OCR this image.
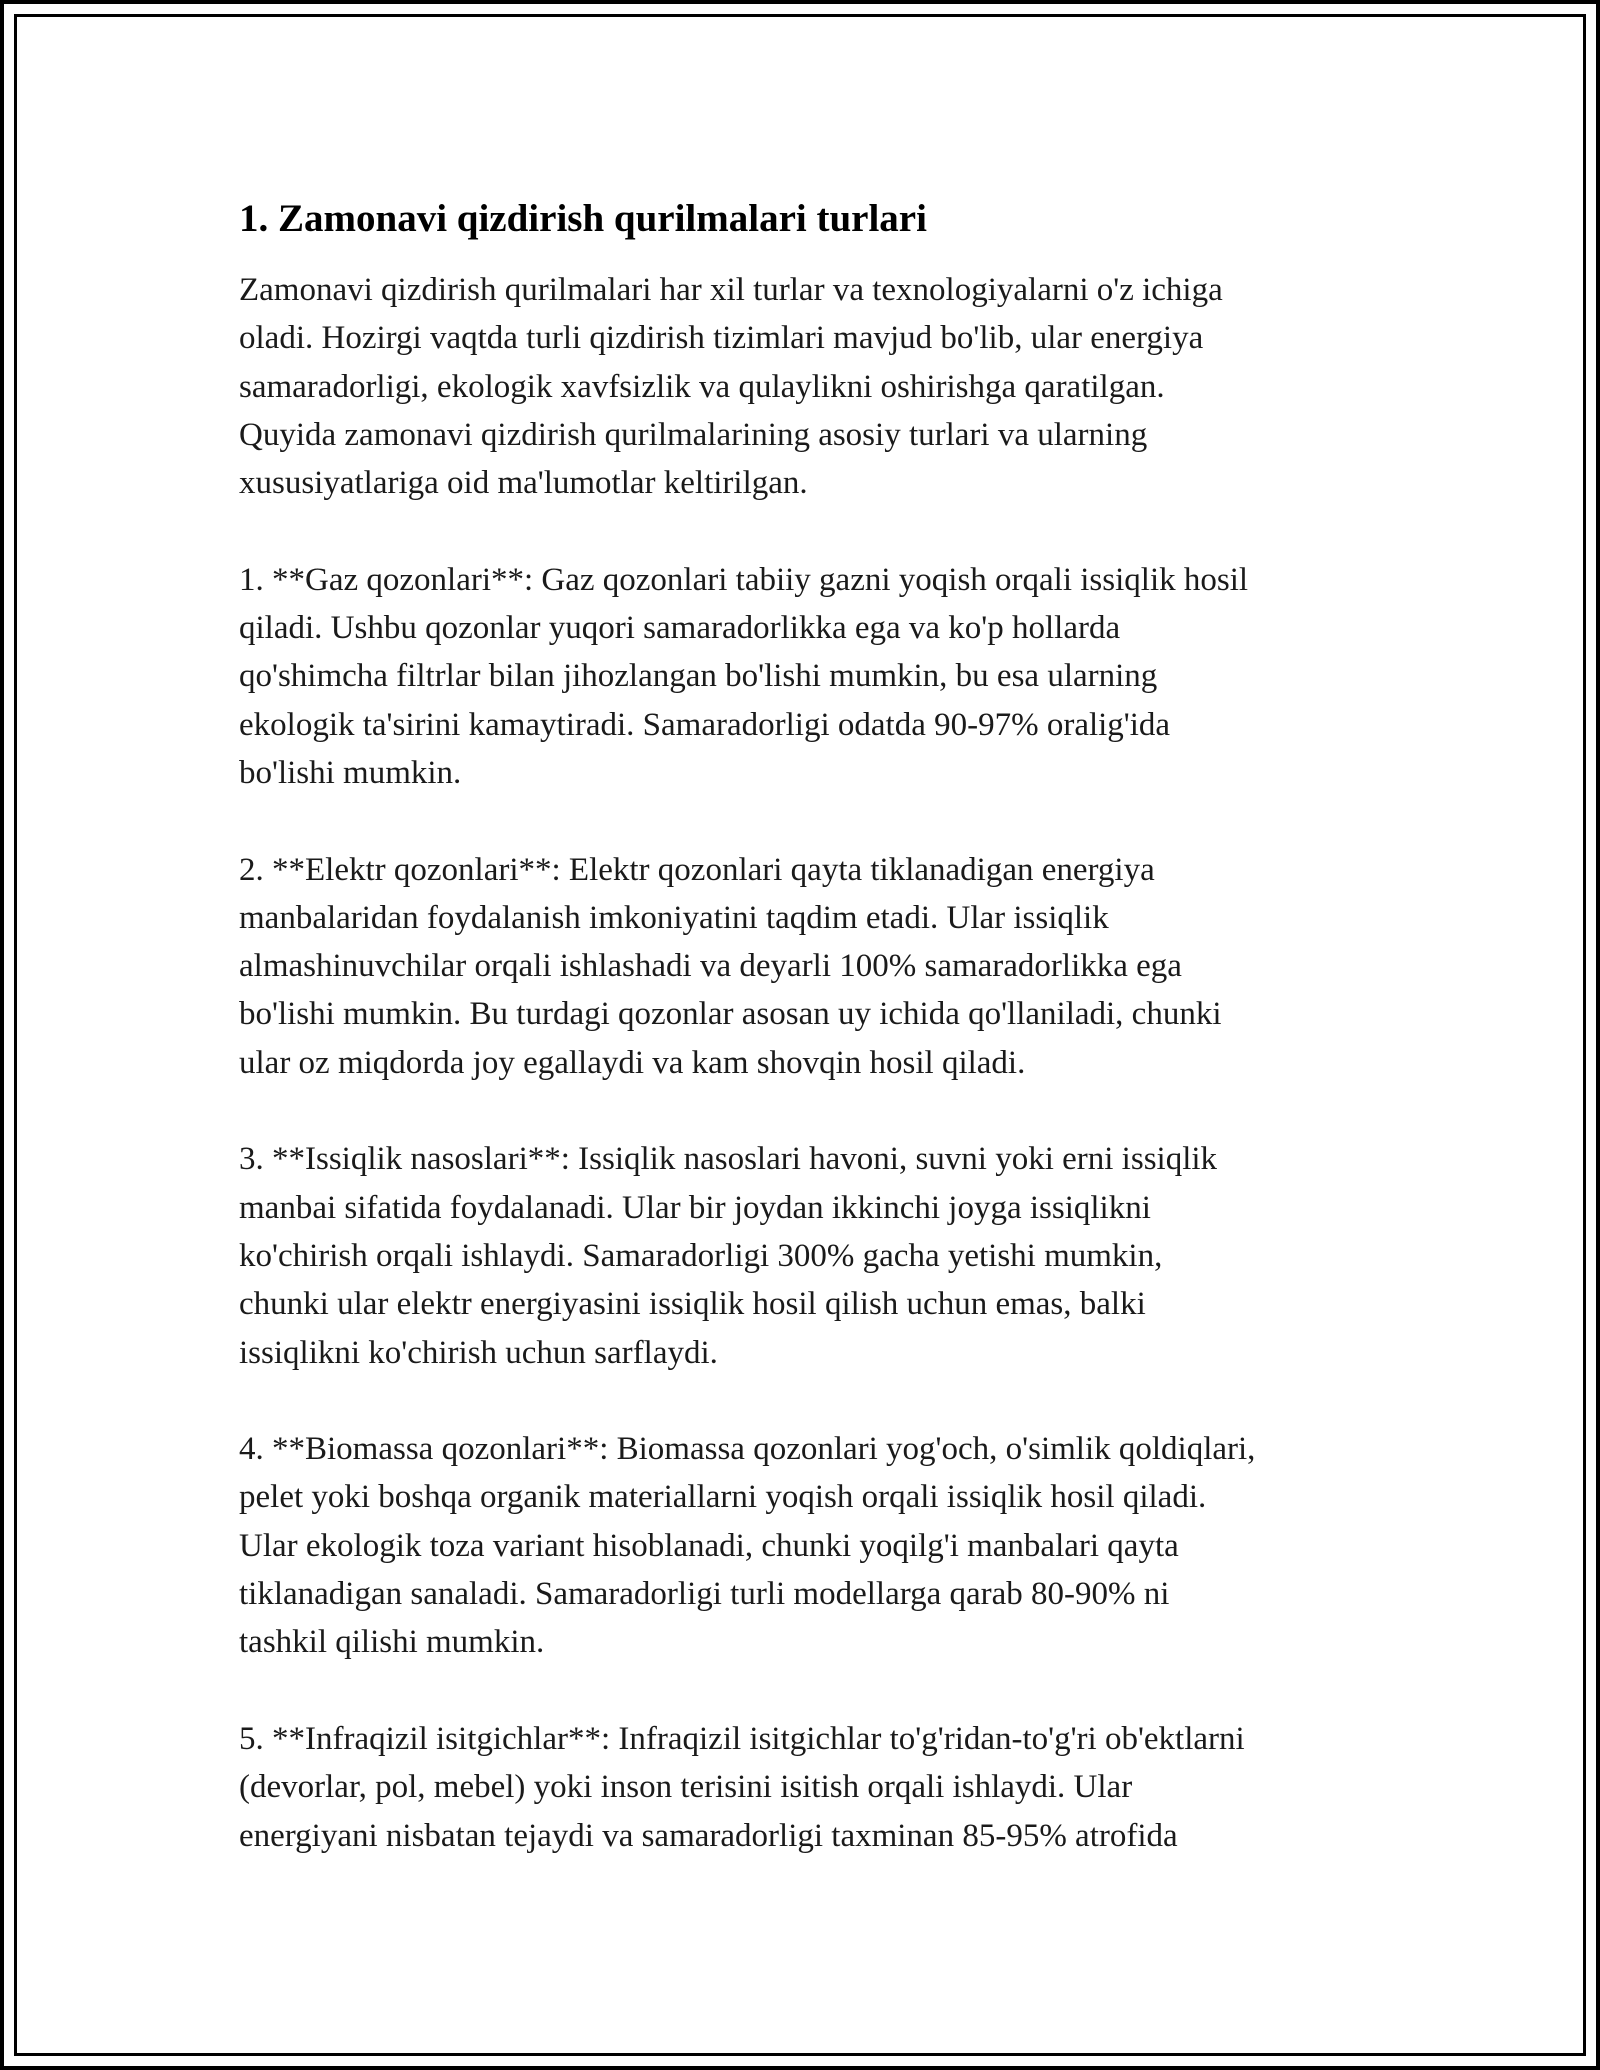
1. Zamonavi qizdirish qurilmalari turlari
Zamonavi qizdirish qurilmalari har xil turlar va texnologiyalarni o'z ichiga
oladi. Hozirgi vaqtda turli qizdirish tizimlari mavjud bo'lib, ular energiya
samaradorligi, ekologik xavfsizlik va qulaylikni oshirishga qaratilgan.
Quyida zamonavi qizdirish qurilmalarining asosiy turlari va ularning
xususiyatlariga oid ma'lumotlar keltirilgan.
1. **Gaz qozonlari**: Gaz qozonlari tabiiy gazni yoqish orqali issiqlik hosil
qiladi. Ushbu qozonlar yuqori samaradorlikka ega va ko'p hollarda
qo'shimcha filtrlar bilan jihozlangan bo'lishi mumkin, bu esa ularning
ekologik ta'sirini kamaytiradi. Samaradorligi odatda 90-97% oralig'ida
bo'lishi mumkin.
2. **Elektr qozonlari**: Elektr qozonlari qayta tiklanadigan energiya
manbalaridan foydalanish imkoniyatini taqdim etadi. Ular issiqlik
almashinuvchilar orqali ishlashadi va deyarli 100% samaradorlikka ega
bo'lishi mumkin. Bu turdagi qozonlar asosan uy ichida qo'llaniladi, chunki
ular oz miqdorda joy egallaydi va kam shovqin hosil qiladi.
3. **Issiqlik nasoslari**: Issiqlik nasoslari havoni, suvni yoki erni issiqlik
manbai sifatida foydalanadi. Ular bir joydan ikkinchi joyga issiqlikni
ko'chirish orqali ishlaydi. Samaradorligi 300% gacha yetishi mumkin,
chunki ular elektr energiyasini issiqlik hosil qilish uchun emas, balki
issiqlikni ko'chirish uchun sarflaydi.
4. **Biomassa qozonlari**: Biomassa qozonlari yog'och, o'simlik qoldiqlari,
pelet yoki boshqa organik materiallarni yoqish orqali issiqlik hosil qiladi.
Ular ekologik toza variant hisoblanadi, chunki yoqilg'i manbalari qayta
tiklanadigan sanaladi. Samaradorligi turli modellarga qarab 80-90% ni
tashkil qilishi mumkin.
5. **Infraqizil isitgichlar**: Infraqizil isitgichlar to'g'ridan-to'g'ri ob'ektlarni
(devorlar, pol, mebel) yoki inson terisini isitish orqali ishlaydi. Ular
energiyani nisbatan tejaydi va samaradorligi taxminan 85-95% atrofida
